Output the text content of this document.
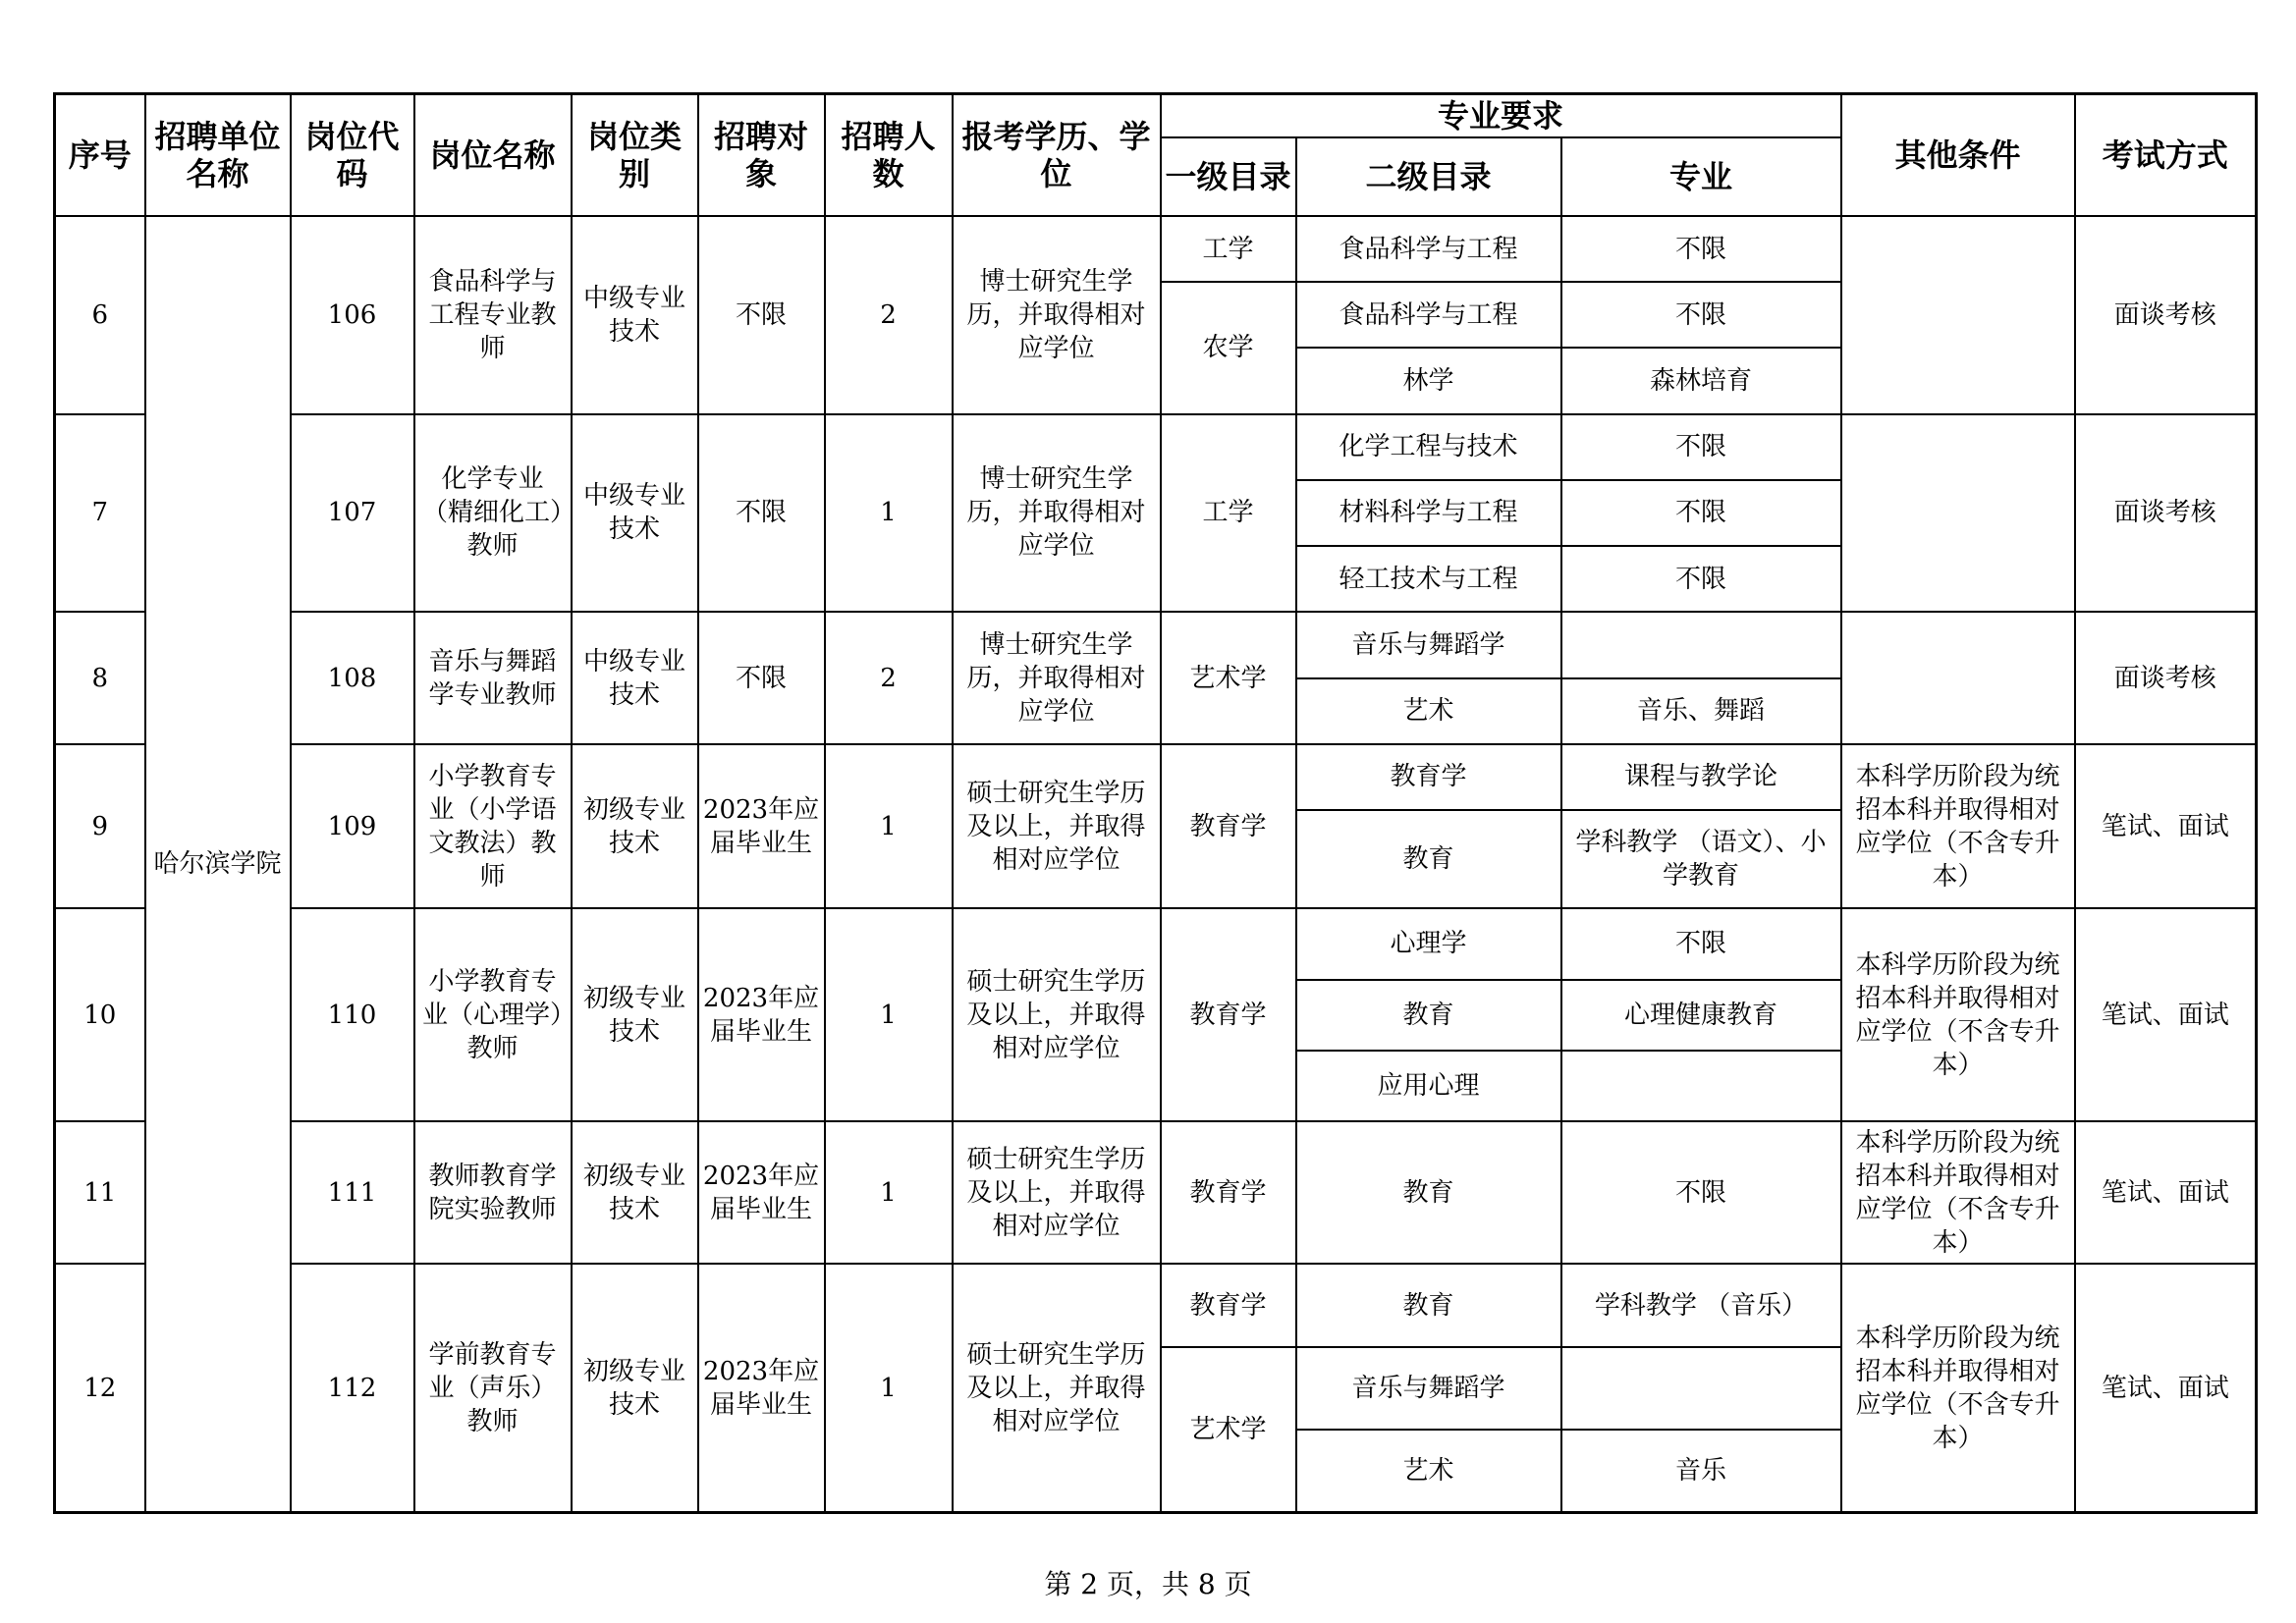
序号	招聘单位名称	岗位代码	岗位名称	岗位类别	招聘对象	招聘人数	报考学历、学位	专业要求			其他条件	考试方式
								一级目录	二级目录	专业		
6	哈尔滨学院	106	食品科学与工程专业教师	中级专业技术	不限	2	博士研究生学历，并取得相对应学位	工学	食品科学与工程	不限		面谈考核
								农学	食品科学与工程	不限		
									林学	森林培育		
7		107	化学专业（精细化工）教师	中级专业技术	不限	1	博士研究生学历，并取得相对应学位	工学	化学工程与技术	不限		面谈考核
									材料科学与工程	不限		
									轻工技术与工程	不限		
8		108	音乐与舞蹈学专业教师	中级专业技术	不限	2	博士研究生学历，并取得相对应学位	艺术学	音乐与舞蹈学			面谈考核
									艺术	音乐、舞蹈		
9		109	小学教育专业（小学语文教法）教师	初级专业技术	2023年应届毕业生	1	硕士研究生学历及以上，并取得相对应学位	教育学	教育学	课程与教学论	本科学历阶段为统招本科并取得相对应学位（不含专升本）	笔试、面试
									教育	学科教学 （语文）、小学教育		
10		110	小学教育专业（心理学）教师	初级专业技术	2023年应届毕业生	1	硕士研究生学历及以上，并取得相对应学位	教育学	心理学	不限	本科学历阶段为统招本科并取得相对应学位（不含专升本）	笔试、面试
									教育	心理健康教育		
									应用心理			
11		111	教师教育学院实验教师	初级专业技术	2023年应届毕业生	1	硕士研究生学历及以上，并取得相对应学位	教育学	教育	不限	本科学历阶段为统招本科并取得相对应学位（不含专升本）	笔试、面试
12		112	学前教育专业（声乐）教师	初级专业技术	2023年应届毕业生	1	硕士研究生学历及以上，并取得相对应学位	教育学	教育	学科教学 （音乐）	本科学历阶段为统招本科并取得相对应学位（不含专升本）	笔试、面试
								艺术学	音乐与舞蹈学			
									艺术	音乐		
第 2 页，共 8 页
